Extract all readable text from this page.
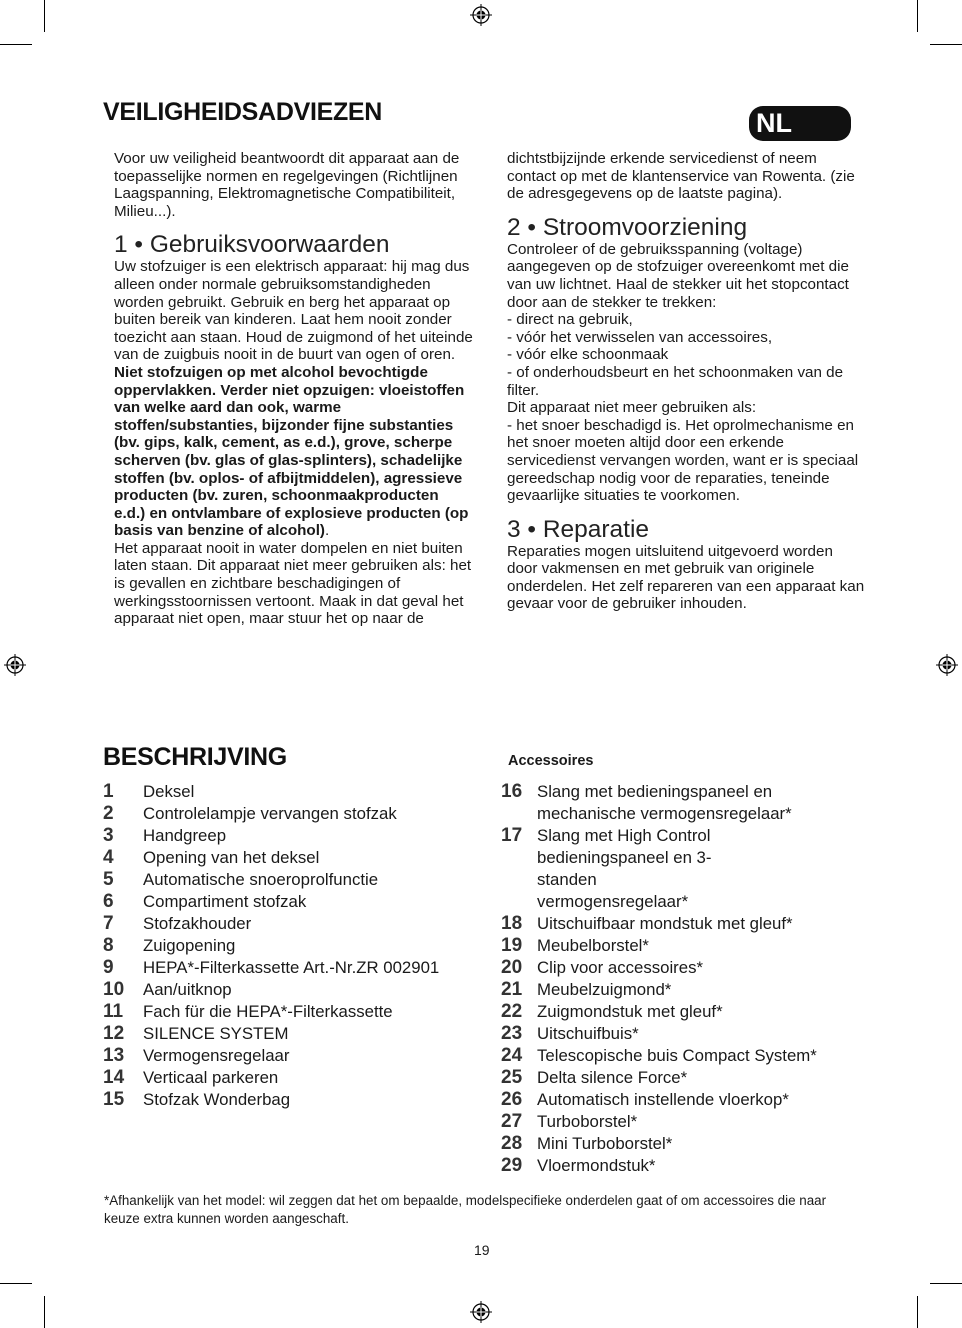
VEILIGHEIDSADVIEZEN	NL

Voor uw veiligheid beantwoordt dit apparaat aan de toepasselijke normen en regelgevingen (Richtlijnen Laagspanning, Elektromagnetische Compatibiliteit, Milieu...).

1 • Gebruiksvoorwaarden

Uw stofzuiger is een elektrisch apparaat: hij mag dus alleen onder normale gebruiksomstandigheden worden gebruikt. Gebruik en berg het apparaat op buiten bereik van kinderen. Laat hem nooit zonder toezicht aan staan. Houd de zuigmond of het uiteinde van de zuigbuis nooit in de buurt van ogen of oren.

Niet stofzuigen op met alcohol bevochtigde oppervlakken. Verder niet opzuigen: vloeistoffen van welke aard dan ook, warme stoffen/substanties, bijzonder fijne substanties (bv. gips, kalk, cement, as e.d.), grove, scherpe scherven (bv. glas of glas-splinters), schadelijke stoffen (bv. oplos- of afbijtmiddelen), agressieve producten (bv. zuren, schoonmaakproducten e.d.) en ontvlambare of explosieve producten (op basis van benzine of alcohol).

Het apparaat nooit in water dompelen en niet buiten laten staan. Dit apparaat niet meer gebruiken als: het is gevallen en zichtbare beschadigingen of werkingsstoornissen vertoont. Maak in dat geval het apparaat niet open, maar stuur het op naar de

dichtstbijzijnde erkende servicedienst of neem contact op met de klantenservice van Rowenta. (zie de adresgegevens op de laatste pagina).

2 • Stroomvoorziening

Controleer of de gebruiksspanning (voltage) aangegeven op de stofzuiger overeenkomt met die van uw lichtnet. Haal de stekker uit het stopcontact door aan de stekker te trekken:

- direct na gebruik,

- vóór het verwisselen van accessoires,

- vóór elke schoonmaak

- of onderhoudsbeurt en het schoonmaken van de filter.

Dit apparaat niet meer gebruiken als:

- het snoer beschadigd is. Het oprolmechanisme en het snoer moeten altijd door een erkende servicedienst vervangen worden, want er is speciaal gereedschap nodig voor de reparaties, teneinde gevaarlijke situaties te voorkomen.

3 • Reparatie

Reparaties mogen uitsluitend uitgevoerd worden door vakmensen en met gebruik van originele onderdelen. Het zelf repareren van een apparaat kan gevaar voor de gebruiker inhouden.

BESCHRIJVING
1	Deksel
2	Controlelampje vervangen stofzak
3	Handgreep
4	Opening van het deksel
5	Automatische snoeroprolfunctie
6	Compartiment stofzak
7	Stofzakhouder
8	Zuigopening
9	HEPA*-Filterkassette Art.-Nr.ZR 002901
10	Aan/uitknop
11	Fach für die HEPA*-Filterkassette
12	SILENCE SYSTEM
13	Vermogensregelaar
14	Verticaal parkeren
15	Stofzak Wonderbag
Accessoires
16 Slang met bedieningspaneel en mechanische vermogensregelaar*
17 Slang met High Control bedieningspaneel en 3-standen vermogensregelaar*
18 Uitschuifbaar mondstuk met gleuf*
19 Meubelborstel*
20 Clip voor accessoires*
21 Meubelzuigmond*
22 Zuigmondstuk met gleuf*
23 Uitschuifbuis*
24 Telescopische buis Compact System*
25 Delta silence Force*
26 Automatisch instellende vloerkop*
27 Turboborstel*
28 Mini Turboborstel*
29 Vloermondstuk*
*Afhankelijk van het model: wil zeggen dat het om bepaalde, modelspecifieke onderdelen gaat of om accessoires die naar keuze extra kunnen worden aangeschaft.
19
